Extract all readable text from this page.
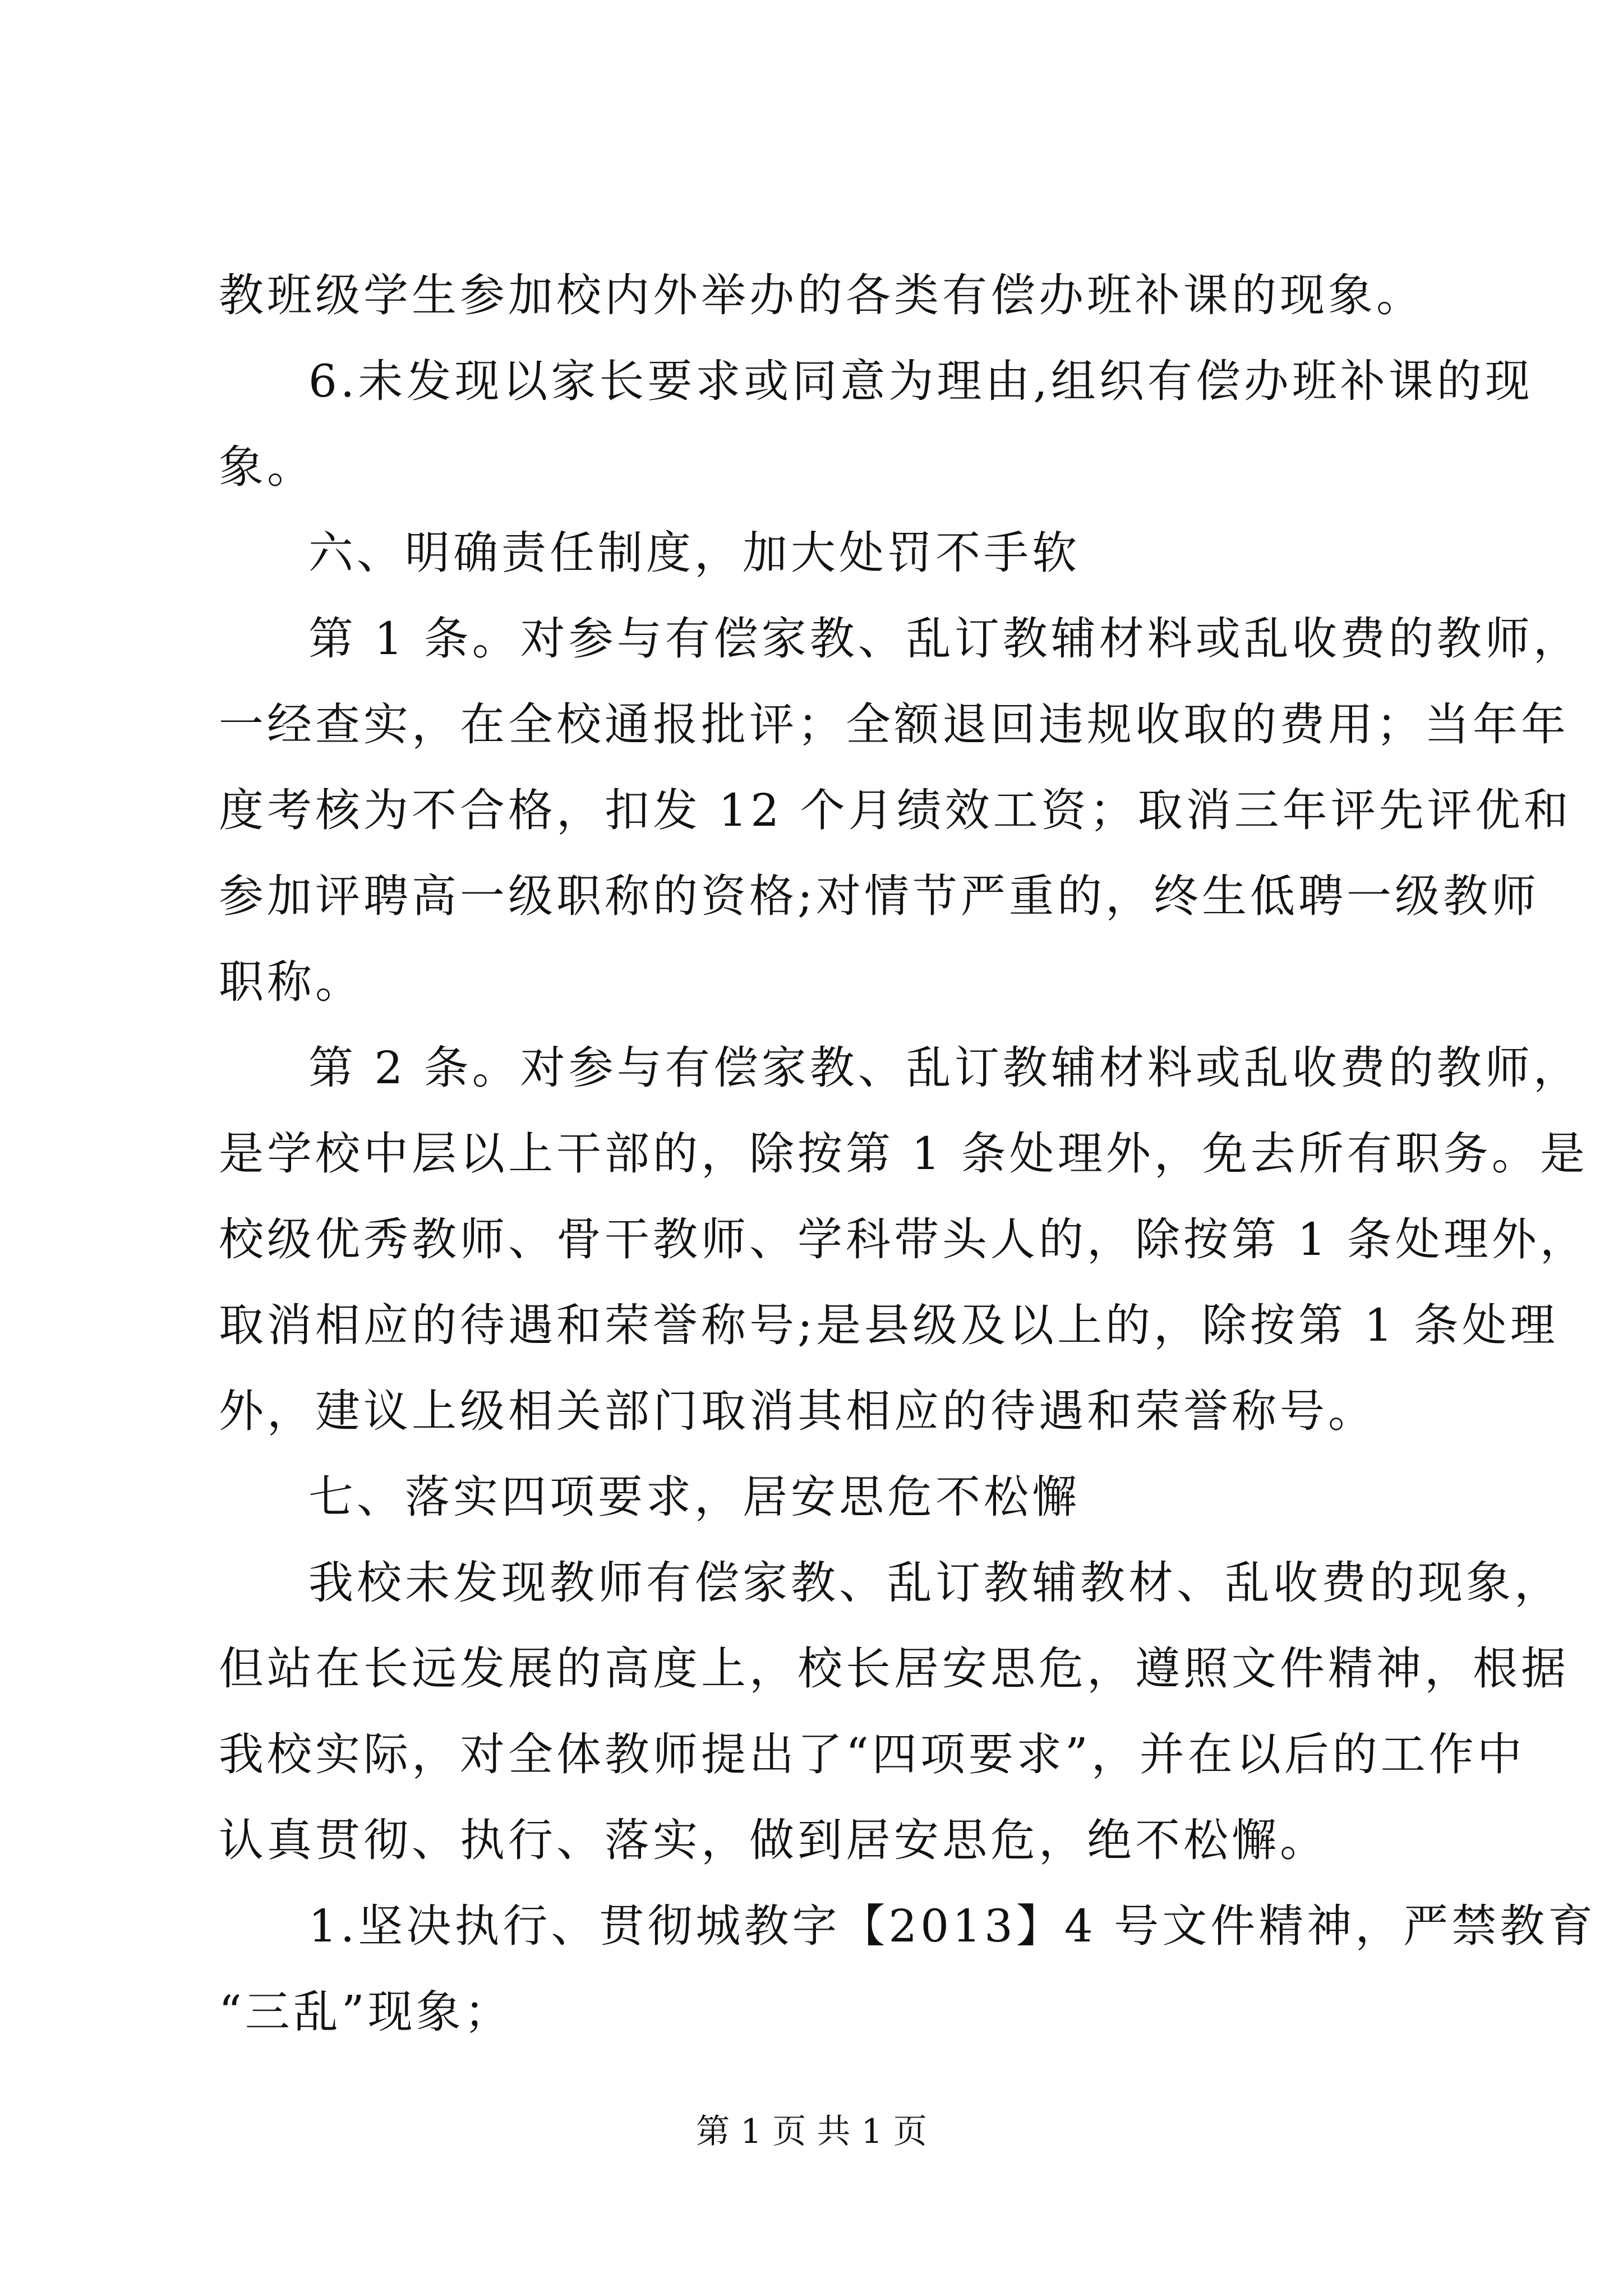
教班级学生参加校内外举办的各类有偿办班补课的现象。
6.未发现以家长要求或同意为理由,组织有偿办班补课的现
象。
六、明确责任制度，加大处罚不手软
第 1 条。对参与有偿家教、乱订教辅材料或乱收费的教师，
一经查实，在全校通报批评；全额退回违规收取的费用；当年年
度考核为不合格，扣发 12 个月绩效工资；取消三年评先评优和
参加评聘高一级职称的资格;对情节严重的，终生低聘一级教师
职称。
第 2 条。对参与有偿家教、乱订教辅材料或乱收费的教师，
是学校中层以上干部的，除按第 1 条处理外，免去所有职务。是
校级优秀教师、骨干教师、学科带头人的，除按第 1 条处理外，
取消相应的待遇和荣誉称号;是县级及以上的，除按第 1 条处理
外，建议上级相关部门取消其相应的待遇和荣誉称号。
七、落实四项要求，居安思危不松懈
我校未发现教师有偿家教、乱订教辅教材、乱收费的现象，
但站在长远发展的高度上，校长居安思危，遵照文件精神，根据
我校实际，对全体教师提出了“四项要求”，并在以后的工作中
认真贯彻、执行、落实，做到居安思危，绝不松懈。
1.坚决执行、贯彻城教字【2013】4 号文件精神，严禁教育
“三乱”现象；
第 1 页 共 1 页
